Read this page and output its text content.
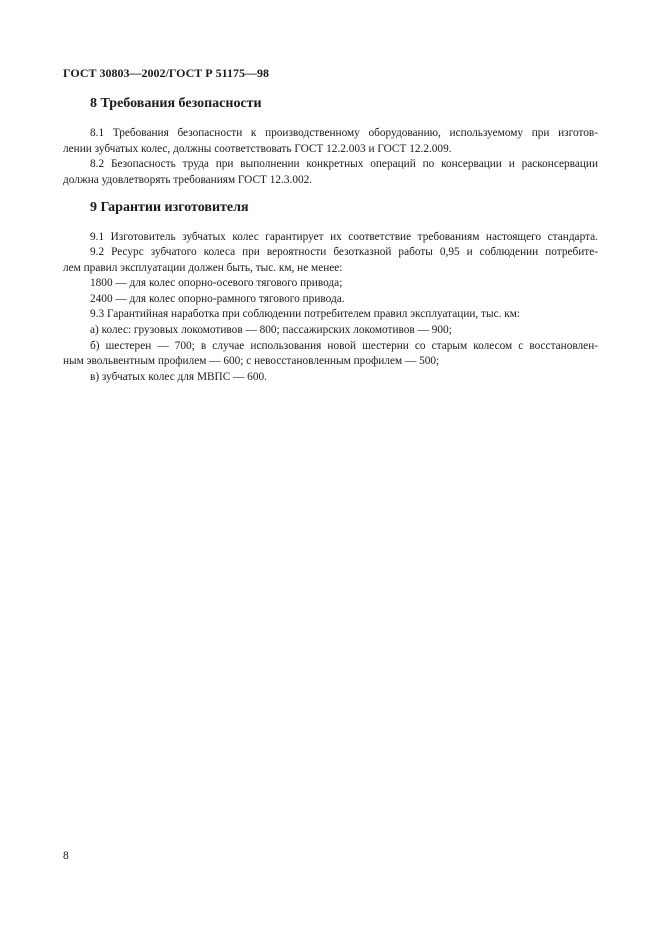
ГОСТ 30803—2002/ГОСТ Р 51175—98
8 Требования безопасности
8.1 Требования безопасности к производственному оборудованию, используемому при изготов-
лении зубчатых колес, должны соответствовать ГОСТ 12.2.003 и ГОСТ 12.2.009.
8.2 Безопасность труда при выполнении конкретных операций по консервации и расконсервации
должна удовлетворять требованиям ГОСТ 12.3.002.
9 Гарантии изготовителя
9.1 Изготовитель зубчатых колес гарантирует их соответствие требованиям настоящего стандарта.
9.2 Ресурс зубчатого колеса при вероятности безотказной работы 0,95 и соблюдении потребите-
лем правил эксплуатации должен быть, тыс. км, не менее:
1800 — для колес опорно-осевого тягового привода;
2400 — для колес опорно-рамного тягового привода.
9.3 Гарантийная наработка при соблюдении потребителем правил эксплуатации, тыс. км:
а) колес: грузовых локомотивов — 800; пассажирских локомотивов — 900;
б) шестерен — 700; в случае использования новой шестерни со старым колесом с восстановлен-
ным эвольвентным профилем — 600; с невосстановленным профилем — 500;
в) зубчатых колес для МВПС — 600.
8
